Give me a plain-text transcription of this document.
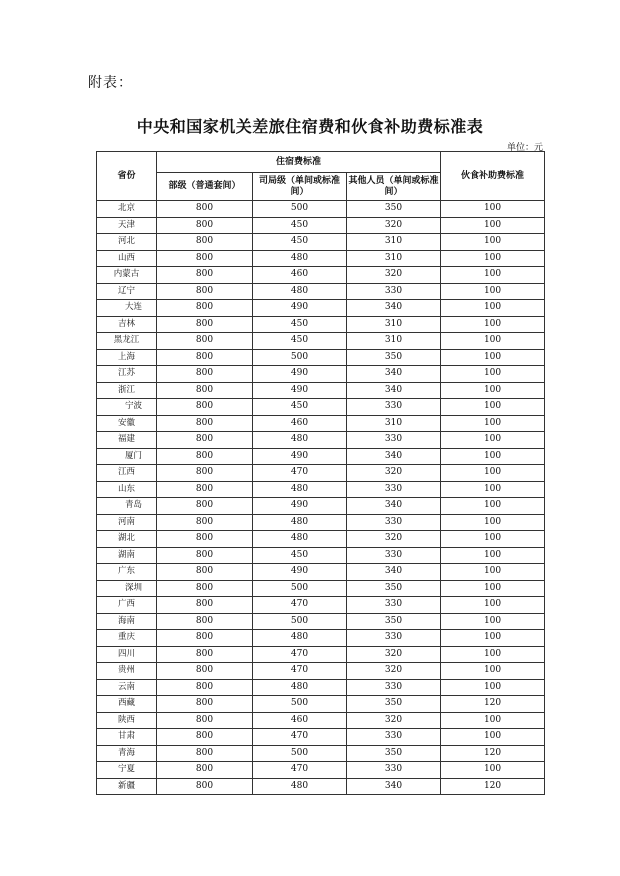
附表：
中央和国家机关差旅住宿费和伙食补助费标准表
单位：元
省份	住宿费标准			伙食补助费标准
	部级（普通套间）	司局级（单间或标准间）	其他人员（单间或标准间）	
北京	800	500	350	100
天津	800	450	320	100
河北	800	450	310	100
山西	800	480	310	100
内蒙古	800	460	320	100
辽宁	800	480	330	100
大连	800	490	340	100
吉林	800	450	310	100
黑龙江	800	450	310	100
上海	800	500	350	100
江苏	800	490	340	100
浙江	800	490	340	100
宁波	800	450	330	100
安徽	800	460	310	100
福建	800	480	330	100
厦门	800	490	340	100
江西	800	470	320	100
山东	800	480	330	100
青岛	800	490	340	100
河南	800	480	330	100
湖北	800	480	320	100
湖南	800	450	330	100
广东	800	490	340	100
深圳	800	500	350	100
广西	800	470	330	100
海南	800	500	350	100
重庆	800	480	330	100
四川	800	470	320	100
贵州	800	470	320	100
云南	800	480	330	100
西藏	800	500	350	120
陕西	800	460	320	100
甘肃	800	470	330	100
青海	800	500	350	120
宁夏	800	470	330	100
新疆	800	480	340	120
